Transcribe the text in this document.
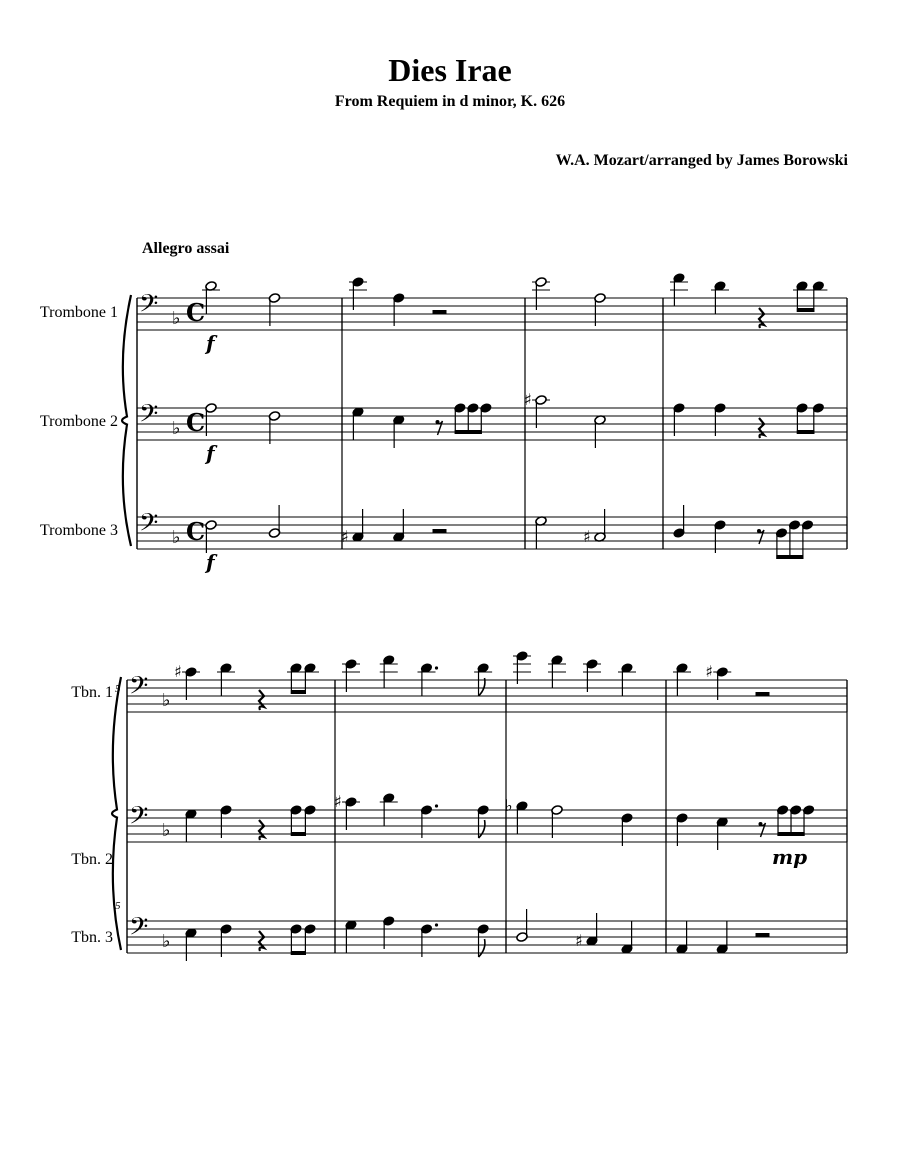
Dies Irae
From Requiem in d minor, K. 626
W.A. Mozart/arranged by James Borowski
Allegro assai
Trombone 1
Trombone 2
Trombone 3
Tbn. 1
Tbn. 2
Tbn. 3
5
5
𝄢 ♭ C
𝄢 ♭ C
♯
𝄢 ♭ C	♯	♯
f
f
f
𝄢 ♭
♯	♯
𝄢 ♭
♯	♭
𝄢 ♭	♯
mp
